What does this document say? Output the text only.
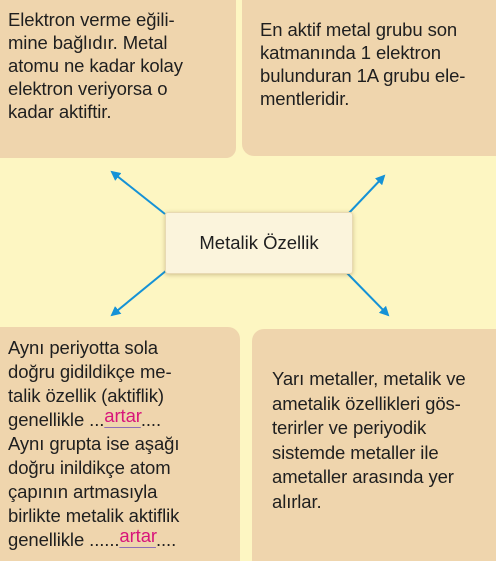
Elektron verme eğili-
mine bağlıdır. Metal
atomu ne kadar kolay
elektron veriyorsa o
kadar aktiftir.
En aktif metal grubu son
katmanında 1 elektron
bulunduran 1A grubu ele-
mentleridir.
Aynı periyotta sola
doğru gidildikçe me-
talik özellik (aktiflik)
genellikle ...artar....
Aynı grupta ise aşağı
doğru inildikçe atom
çapının artmasıyla
birlikte metalik aktiflik
genellikle ......artar....
Yarı metaller, metalik ve
ametalik özellikleri gös-
terirler ve periyodik
sistemde metaller ile
ametaller arasında yer
alırlar.
Metalik Özellik
